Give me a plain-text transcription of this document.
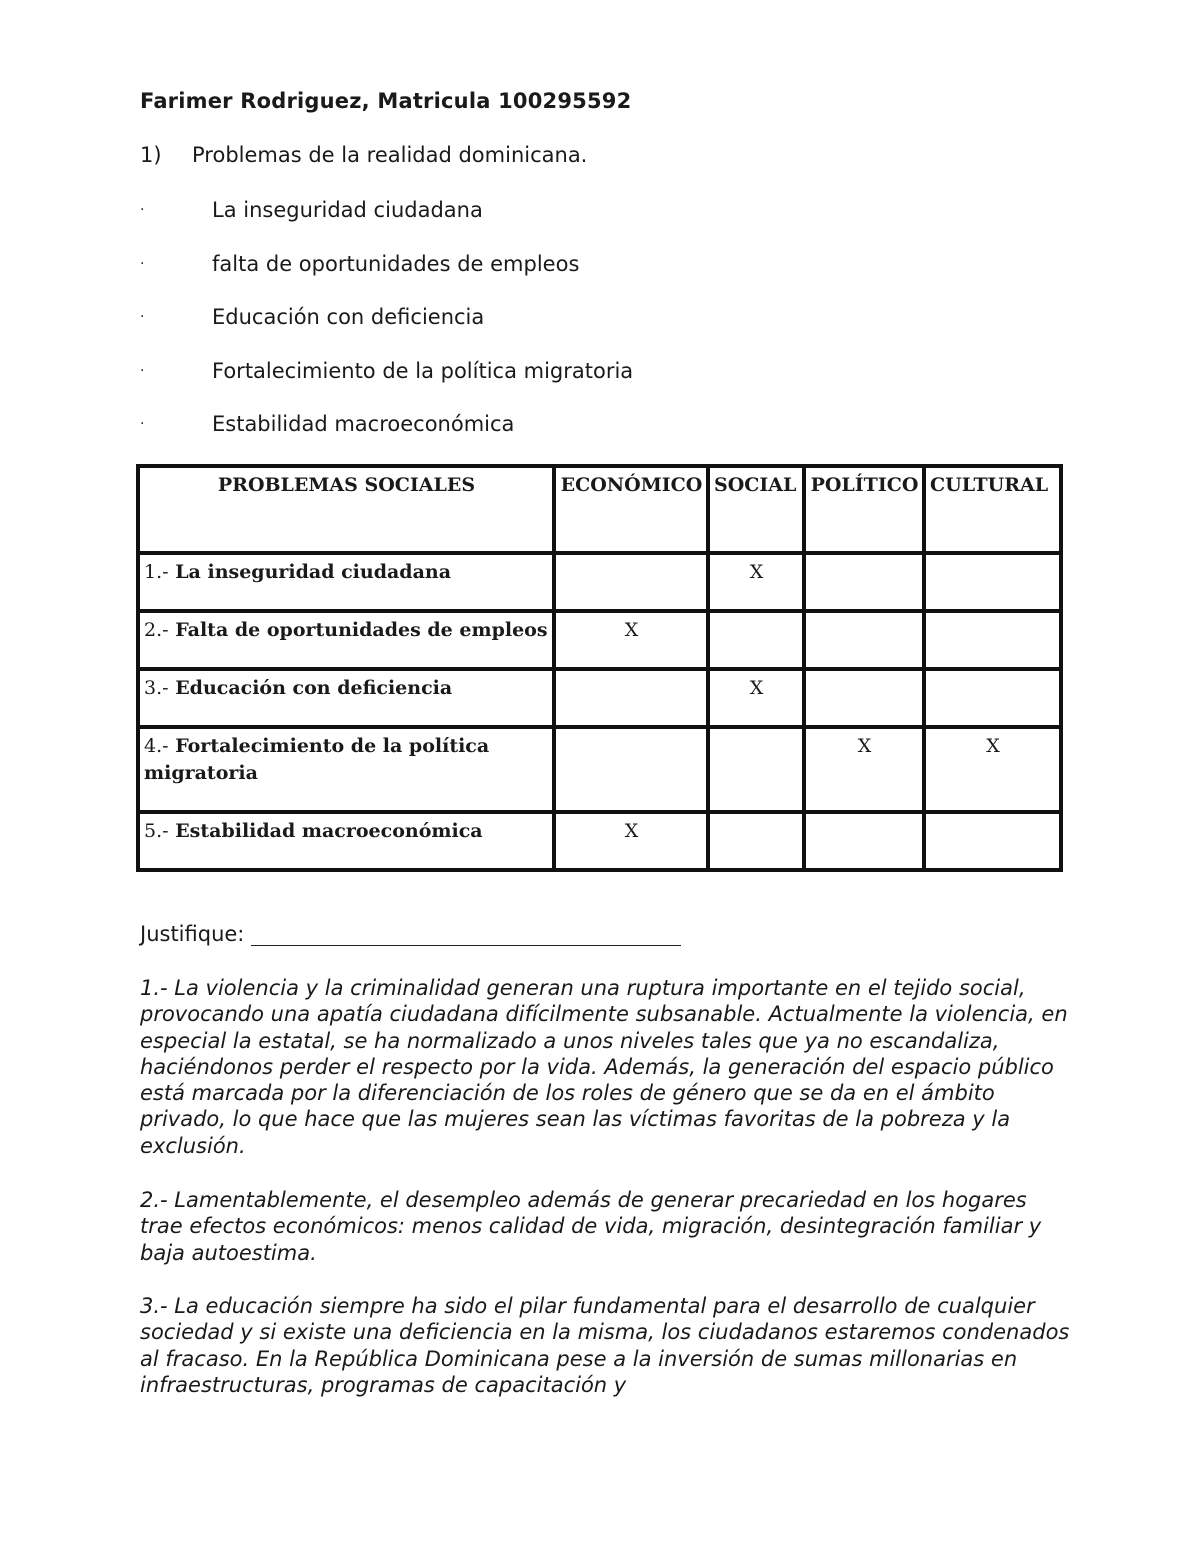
Farimer Rodriguez, Matricula 100295592
1) Problemas de la realidad dominicana.
·	La inseguridad ciudadana
·	falta de oportunidades de empleos
·	Educación con deficiencia
·	Fortalecimiento de la política migratoria
·	Estabilidad macroeconómica
PROBLEMAS SOCIALES	ECONÓMICO	SOCIAL	POLÍTICO	CULTURAL
1.- La inseguridad ciudadana		X		
2.- Falta de oportunidades de empleos	X			
3.- Educación con deficiencia		X		
4.- Fortalecimiento de la política migratoria			X	X
5.- Estabilidad macroeconómica	X			
Justifique:

1.- La violencia y la criminalidad generan una ruptura importante en el tejido social, provocando una apatía ciudadana difícilmente subsanable. Actualmente la violencia, en especial la estatal, se ha normalizado a unos niveles tales que ya no escandaliza, haciéndonos perder el respecto por la vida. Además, la generación del espacio público está marcada por la diferenciación de los roles de género que se da en el ámbito privado, lo que hace que las mujeres sean las víctimas favoritas de la pobreza y la exclusión.

2.- Lamentablemente, el desempleo además de generar precariedad en los hogares trae efectos económicos: menos calidad de vida, migración, desintegración familiar y baja autoestima.

3.- La educación siempre ha sido el pilar fundamental para el desarrollo de cualquier sociedad y si existe una deficiencia en la misma, los ciudadanos estaremos condenados al fracaso. En la República Dominicana pese a la inversión de sumas millonarias en infraestructuras, programas de capacitación y
